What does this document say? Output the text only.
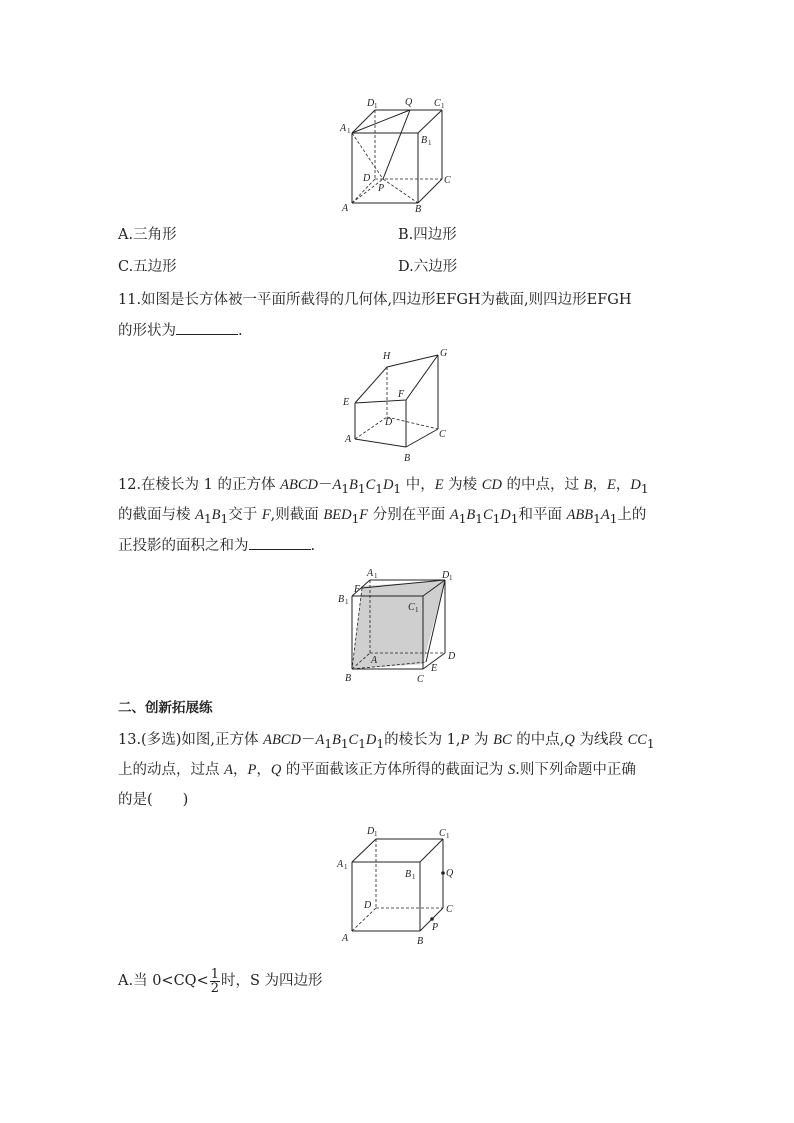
D 1	Q C 1
A 1
B 1
D
P
C
A	B
A.三角形	B.四边形
C.五边形	D.六边形
11.如图是长方体被一平面所截得的几何体,四边形EFGH为截面,则四边形EFGH
的形状为	.
H	G
E
F
D
A	C
B
12.在棱长为 1 的正方体 $ABCD-A_1B_1C_1D_1$ 中，E 为棱 CD 的中点，过 B，E，$D_1$
的截面与棱 $A_1B_1$交于 F,则截面 $BED_1F$ 分别在平面 $A_1B_1C_1D_1$和平面 $ABB_1A_1$上的
正投影的面积之和为	.
A 1	D 1
F
B 1	C 1
A	D
E
B	C
二、创新拓展练
13.(多选)如图,正方体 $ABCD-A_1B_1C_1D_1$的棱长为 1,P 为 BC 的中点,Q 为线段 $CC_1$
上的动点，过点 A，P，Q 的平面截该正方体所得的截面记为 S.则下列命题中正确
的是( )
D 1	C 1
A 1
B 1	Q
D	C
P
A	B
A.当 $0<CQ< \frac{1}{2}$ 时，S 为四边形
